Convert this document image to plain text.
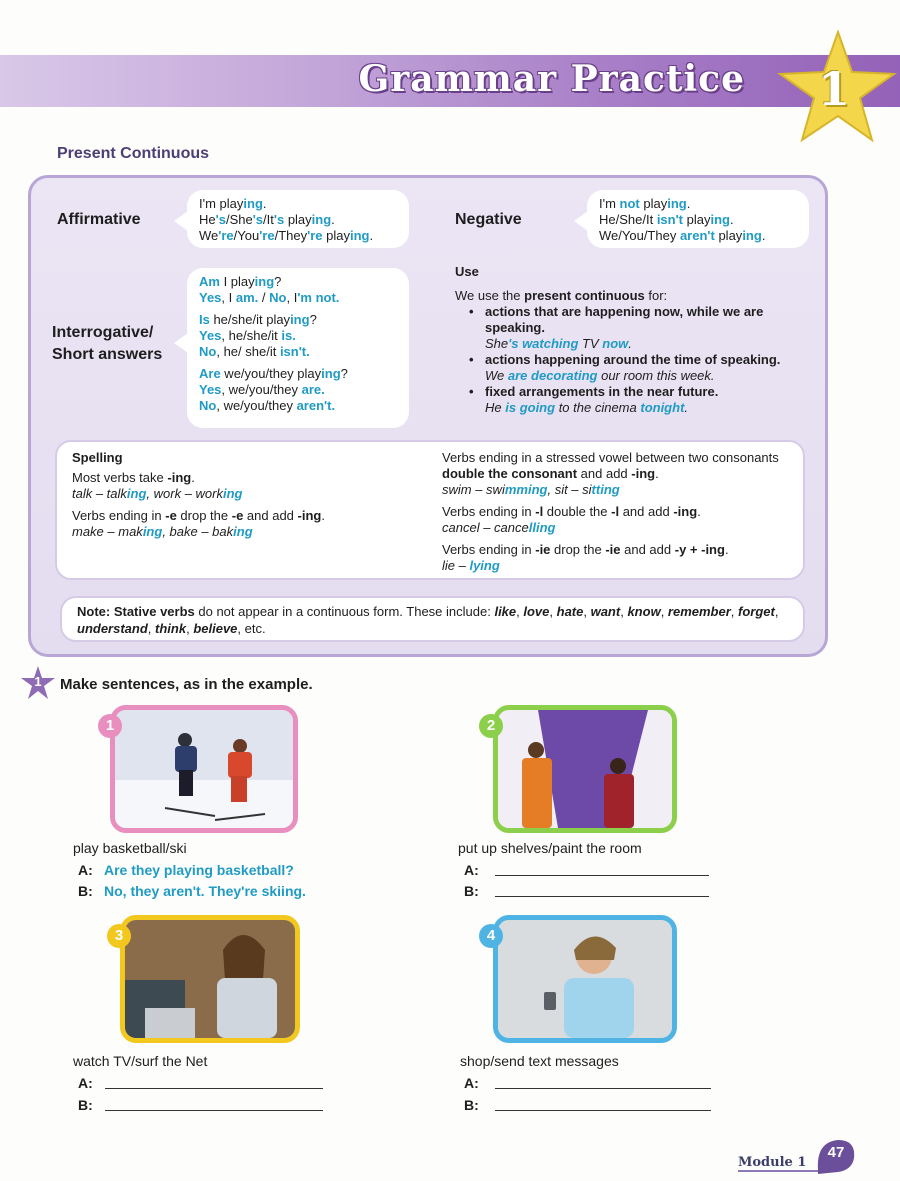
Grammar Practice 1
Present Continuous
Affirmative
I'm playing.
He's/She's/It's playing.
We're/You're/They're playing.
Negative
I'm not playing.
He/She/It isn't playing.
We/You/They aren't playing.
Interrogative/
Short answers
Am I playing?
Yes, I am. / No, I'm not.
Is he/she/it playing?
Yes, he/she/it is.
No, he/ she/it isn't.
Are we/you/they playing?
Yes, we/you/they are.
No, we/you/they aren't.
Use
We use the present continuous for:
• actions that are happening now, while we are speaking.
She's watching TV now.
• actions happening around the time of speaking.
We are decorating our room this week.
• fixed arrangements in the near future.
He is going to the cinema tonight.
Spelling
Most verbs take -ing.
talk – talking, work – working
Verbs ending in -e drop the -e and add -ing.
make – making, bake – baking
Verbs ending in a stressed vowel between two consonants double the consonant and add -ing.
swim – swimming, sit – sitting
Verbs ending in -l double the -l and add -ing.
cancel – cancelling
Verbs ending in -ie drop the -ie and add -y + -ing.
lie – lying
Note: Stative verbs do not appear in a continuous form. These include: like, love, hate, want, know, remember, forget, understand, think, believe, etc.
1	Make sentences, as in the example.
1
play basketball/ski
A: Are they playing basketball?
B: No, they aren't. They're skiing.
2
put up shelves/paint the room
A:
B:
3
watch TV/surf the Net
A:
B:
4
shop/send text messages
A:
B:
Module 1
47
